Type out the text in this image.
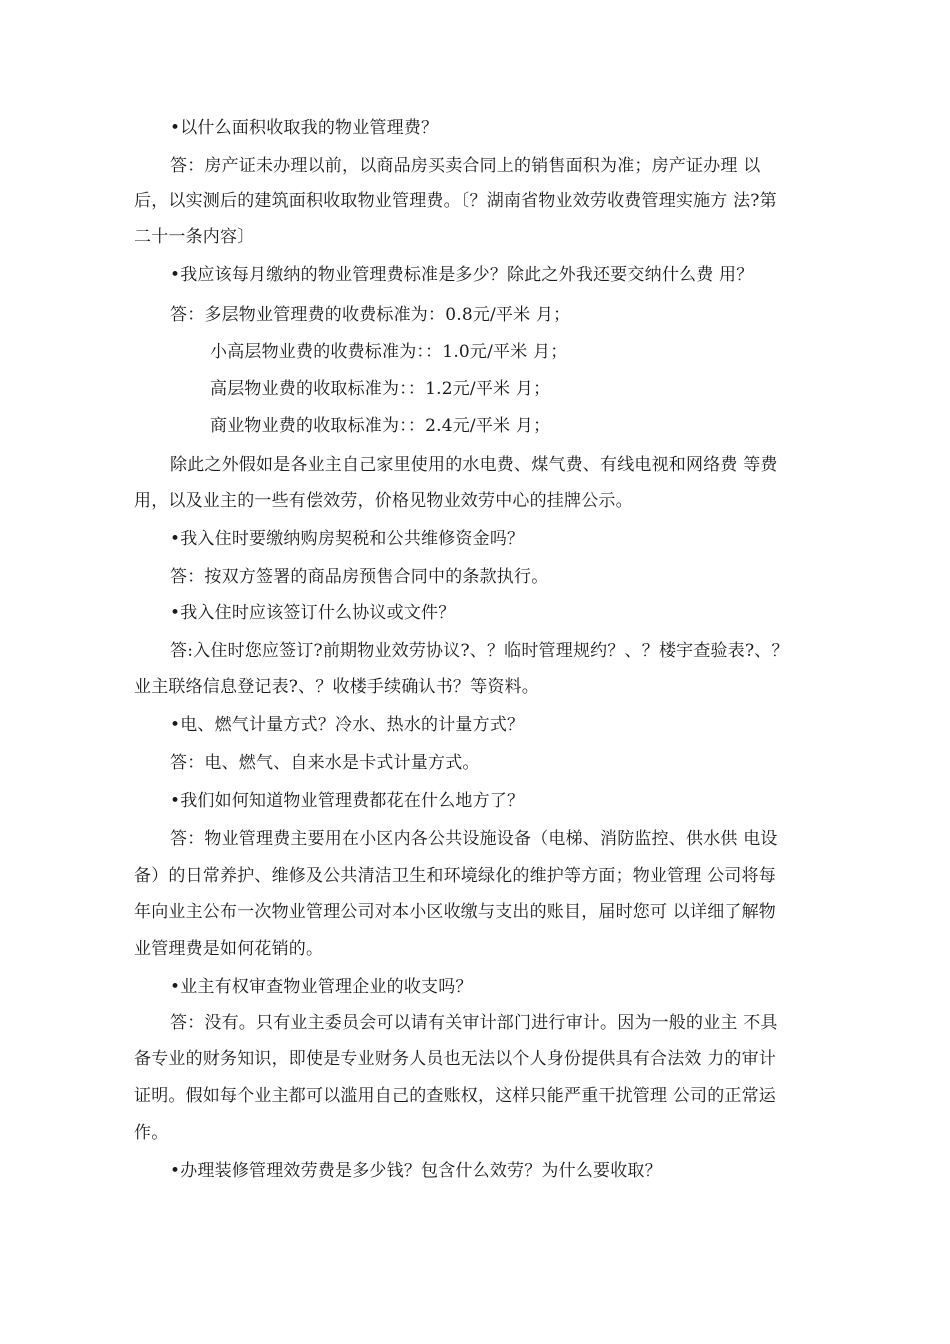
•以什么面积收取我的物业管理费？
答：房产证未办理以前，以商品房买卖合同上的销售面积为准；房产证办理 以
后，以实测后的建筑面积收取物业管理费。〔？湖南省物业效劳收费管理实施方 法?第
二十一条内容〕
•我应该每月缴纳的物业管理费标准是多少？除此之外我还要交纳什么费 用？
答：多层物业管理费的收费标准为：0.8元/平米 月；
小高层物业费的收费标准为：：1.0元/平米 月；
高层物业费的收取标准为：：1.2元/平米 月；
商业物业费的收取标准为：：2.4元/平米 月；
除此之外假如是各业主自己家里使用的水电费、煤气费、有线电视和网络费 等费
用，以及业主的一些有偿效劳，价格见物业效劳中心的挂牌公示。
•我入住时要缴纳购房契税和公共维修资金吗？
答：按双方签署的商品房预售合同中的条款执行。
•我入住时应该签订什么协议或文件？
答:入住时您应签订?前期物业效劳协议?、？临时管理规约？、？楼宇查验表?、？
业主联络信息登记表?、？收楼手续确认书？等资料。
•电、燃气计量方式？冷水、热水的计量方式？
答：电、燃气、自来水是卡式计量方式。
•我们如何知道物业管理费都花在什么地方了？
答：物业管理费主要用在小区内各公共设施设备（电梯、消防监控、供水供 电设
备）的日常养护、维修及公共清洁卫生和环境绿化的维护等方面；物业管理 公司将每
年向业主公布一次物业管理公司对本小区收缴与支出的账目，届时您可 以详细了解物
业管理费是如何花销的。
•业主有权审查物业管理企业的收支吗？
答：没有。只有业主委员会可以请有关审计部门进行审计。因为一般的业主 不具
备专业的财务知识，即使是专业财务人员也无法以个人身份提供具有合法效 力的审计
证明。假如每个业主都可以滥用自己的查账权，这样只能严重干扰管理 公司的正常运
作。
•办理装修管理效劳费是多少钱？包含什么效劳？为什么要收取？
